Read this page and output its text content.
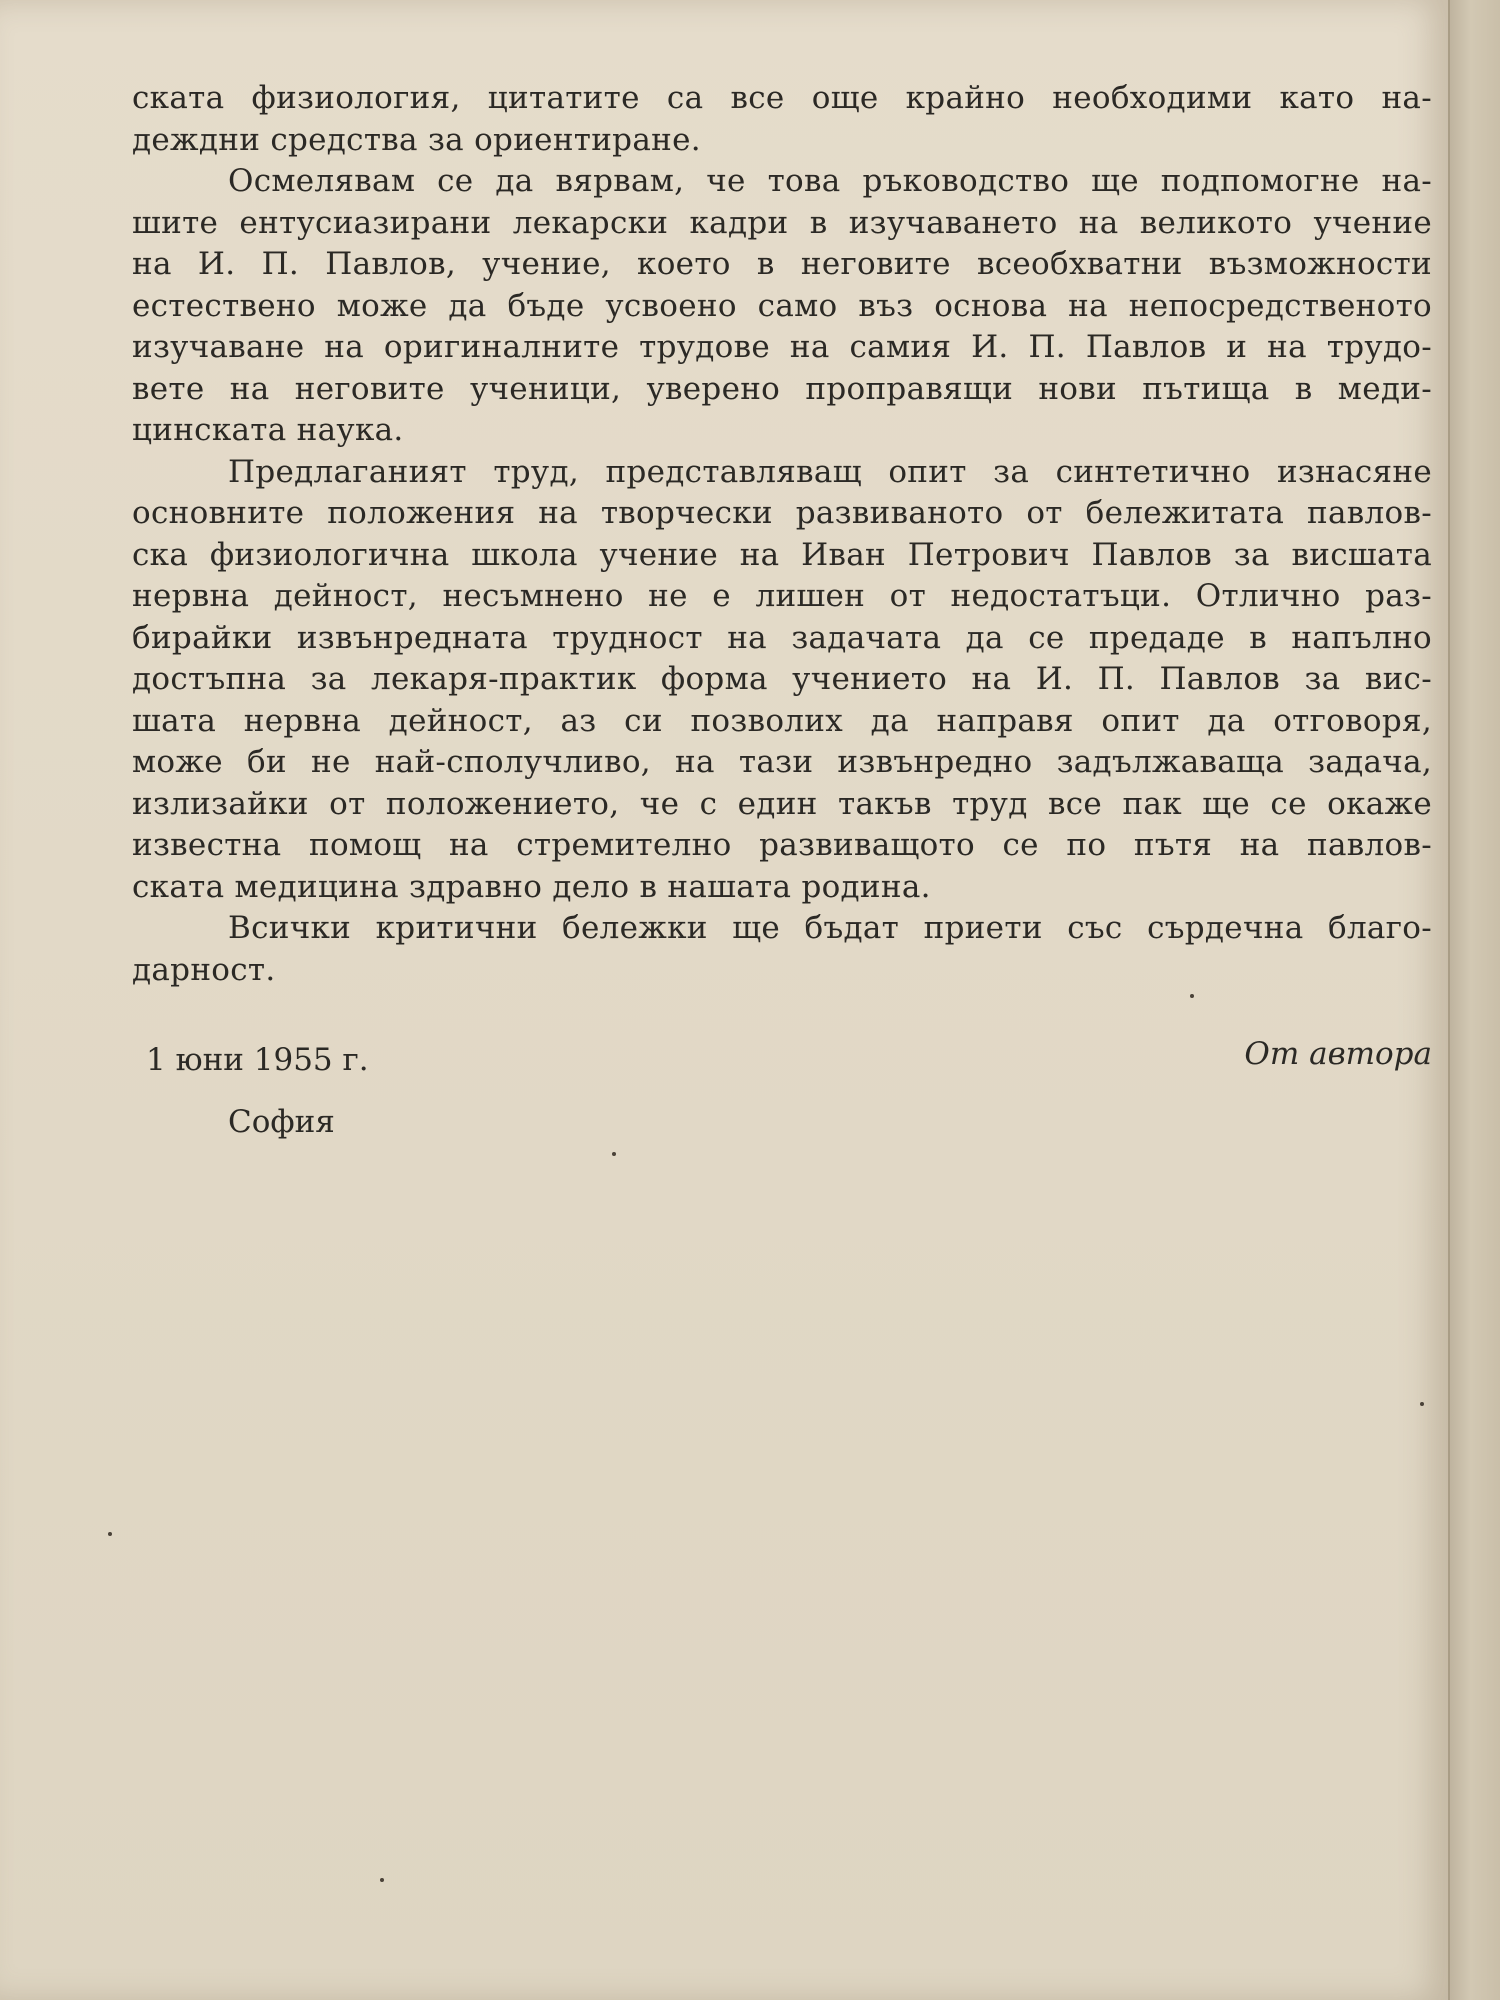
ската физиология, цитатите са все още крайно необходими като на-
деждни средства за ориентиране.
Осмелявам се да вярвам, че това ръководство ще подпомогне на-
шите ентусиазирани лекарски кадри в изучаването на великото учение
на И. П. Павлов, учение, което в неговите всеобхватни възможности
естествено може да бъде усвоено само въз основа на непосредственото
изучаване на оригиналните трудове на самия И. П. Павлов и на трудо-
вете на неговите ученици, уверено проправящи нови пътища в меди-
цинската наука.
Предлаганият труд, представляващ опит за синтетично изнасяне
основните положения на творчески развиваното от бележитата павлов-
ска физиологична школа учение на Иван Петрович Павлов за висшата
нервна дейност, несъмнено не е лишен от недостатъци. Отлично раз-
бирайки извънредната трудност на задачата да се предаде в напълно
достъпна за лекаря-практик форма учението на И. П. Павлов за вис-
шата нервна дейност, аз си позволих да направя опит да отговоря,
може би не най-сполучливо, на тази извънредно задължаваща задача,
излизайки от положението, че с един такъв труд все пак ще се окаже
известна помощ на стремително развиващото се по пътя на павлов-
ската медицина здравно дело в нашата родина.
Всички критични бележки ще бъдат приети със сърдечна благо-
дарност.
1 юни 1955 г.	От автора
София
